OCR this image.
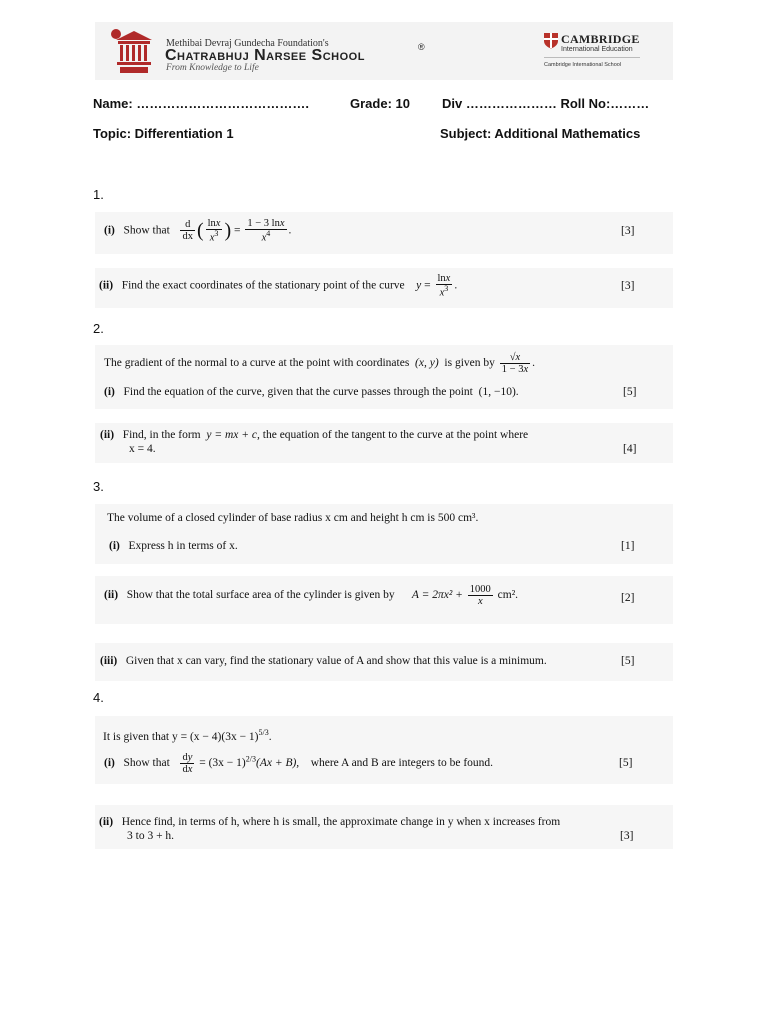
Methibai Devraj Gundecha Foundation's
Chatrabhuj Narsee School	®
From Knowledge to Life
CAMBRIDGE
International Education
Cambridge International School
Name: ………………………………….	Grade: 10 Div ………………… Roll No:………
Topic: Differentiation 1	Subject: Additional Mathematics
1.
(i) Show that $\frac{d}{dx}$ ( $\frac{\ln x}{x^3}$ ) = $\frac{1 - 3 \ln x}{x^4}$ .	[3]
(ii) Find the exact coordinates of the stationary point of the curve $y = \frac{\ln x}{x^3}$ .	[3]
2.
The gradient of the normal to a curve at the point with coordinates (x, y) is given by $\frac{√x}{1 - 3x}$ .
(i) Find the equation of the curve, given that the curve passes through the point (1, −10).	[5]
(ii) Find, in the form y = mx + c, the equation of the tangent to the curve at the point where
x = 4.	[4]
3.
The volume of a closed cylinder of base radius x cm and height h cm is 500 cm³.
(i) Express h in terms of x.	[1]
(ii) Show that the total surface area of the cylinder is given by $A = 2\pi x^2 + \frac{1000}{x} cm^2$.	[2]
(iii) Given that x can vary, find the stationary value of A and show that this value is a minimum.	[5]
4.
It is given that $y = (x - 4)(3x - 1)^{5/3}$.
(i) Show that $\frac{dy}{dx} = (3x - 1)^{2/3}(Ax + B)$, where A and B are integers to be found.	[5]
(ii) Hence find, in terms of h, where h is small, the approximate change in y when x increases from
3 to 3 + h.	[3]
